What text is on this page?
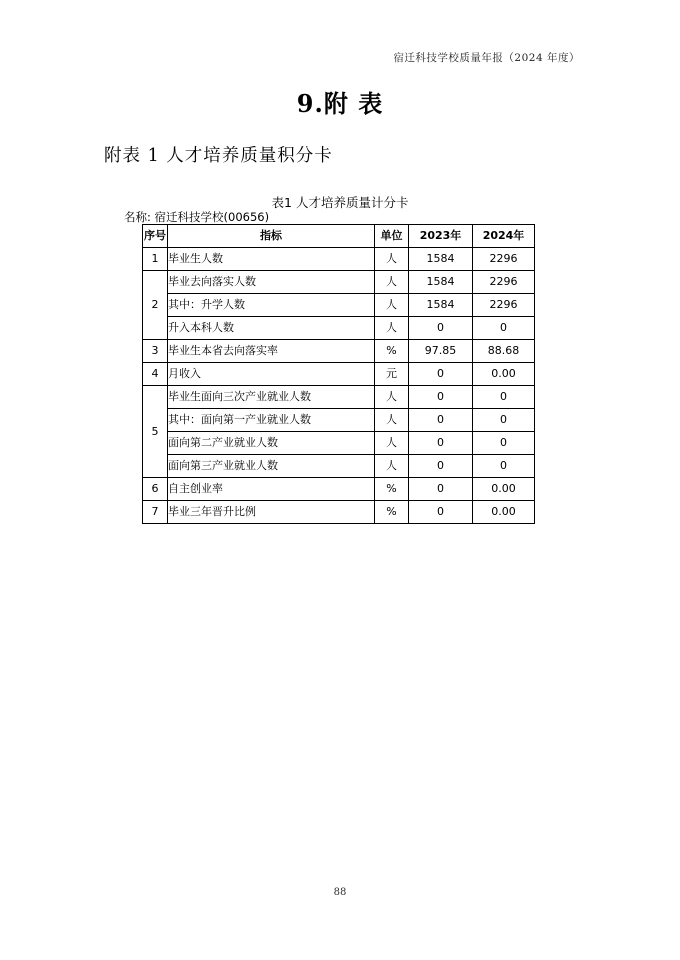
宿迁科技学校质量年报（2024 年度）
9.附 表
附表 1 人才培养质量积分卡
表1 人才培养质量计分卡
名称: 宿迁科技学校(00656)
序号	指标	单位	2023年	2024年
1	毕业生人数	人	1584	2296
2	毕业去向落实人数	人	1584	2296
	其中：升学人数	人	1584	2296
	升入本科人数	人	0	0
3	毕业生本省去向落实率	%	97.85	88.68
4	月收入	元	0	0.00
5	毕业生面向三次产业就业人数	人	0	0
	其中：面向第一产业就业人数	人	0	0
	面向第二产业就业人数	人	0	0
	面向第三产业就业人数	人	0	0
6	自主创业率	%	0	0.00
7	毕业三年晋升比例	%	0	0.00
88
